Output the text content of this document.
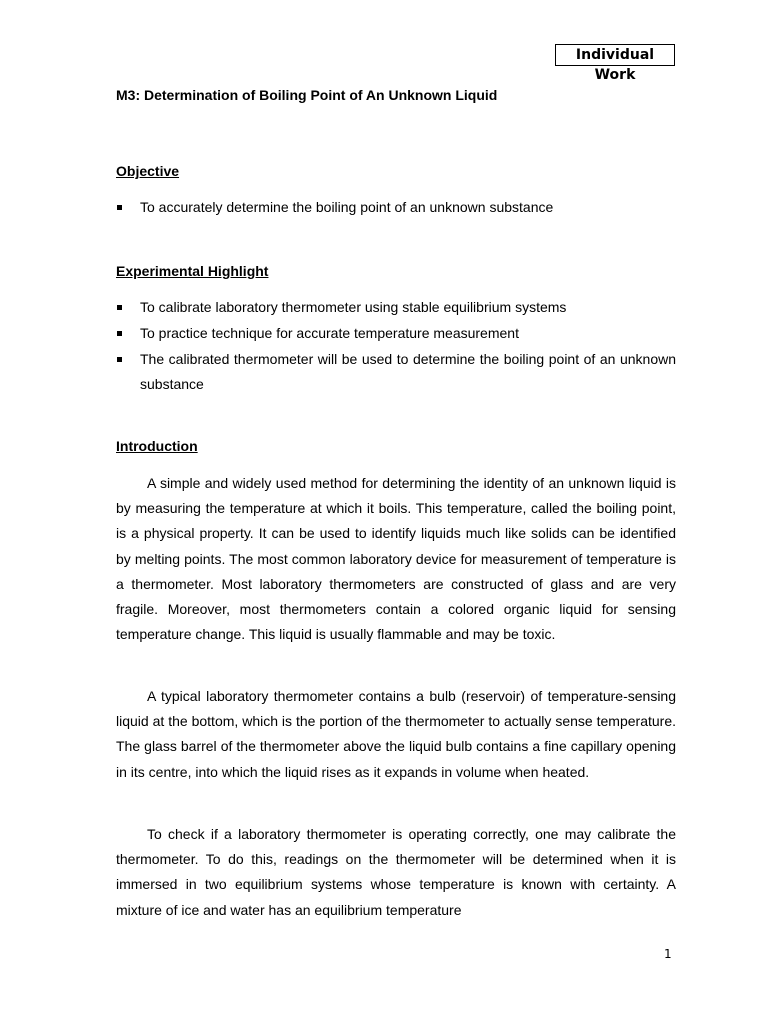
Individual Work
M3: Determination of Boiling Point of An Unknown Liquid
Objective
To accurately determine the boiling point of an unknown substance
Experimental Highlight
To calibrate laboratory thermometer using stable equilibrium systems
To practice technique for accurate temperature measurement
The calibrated thermometer will be used to determine the boiling point of an unknown substance
Introduction

A simple and widely used method for determining the identity of an unknown liquid is by measuring the temperature at which it boils. This temperature, called the boiling point, is a physical property. It can be used to identify liquids much like solids can be identified by melting points. The most common laboratory device for measurement of temperature is a thermometer. Most laboratory thermometers are constructed of glass and are very fragile. Moreover, most thermometers contain a colored organic liquid for sensing temperature change. This liquid is usually flammable and may be toxic.

A typical laboratory thermometer contains a bulb (reservoir) of temperature-sensing liquid at the bottom, which is the portion of the thermometer to actually sense temperature. The glass barrel of the thermometer above the liquid bulb contains a fine capillary opening in its centre, into which the liquid rises as it expands in volume when heated.

To check if a laboratory thermometer is operating correctly, one may calibrate the thermometer. To do this, readings on the thermometer will be determined when it is immersed in two equilibrium systems whose temperature is known with certainty. A mixture of ice and water has an equilibrium temperature

1
